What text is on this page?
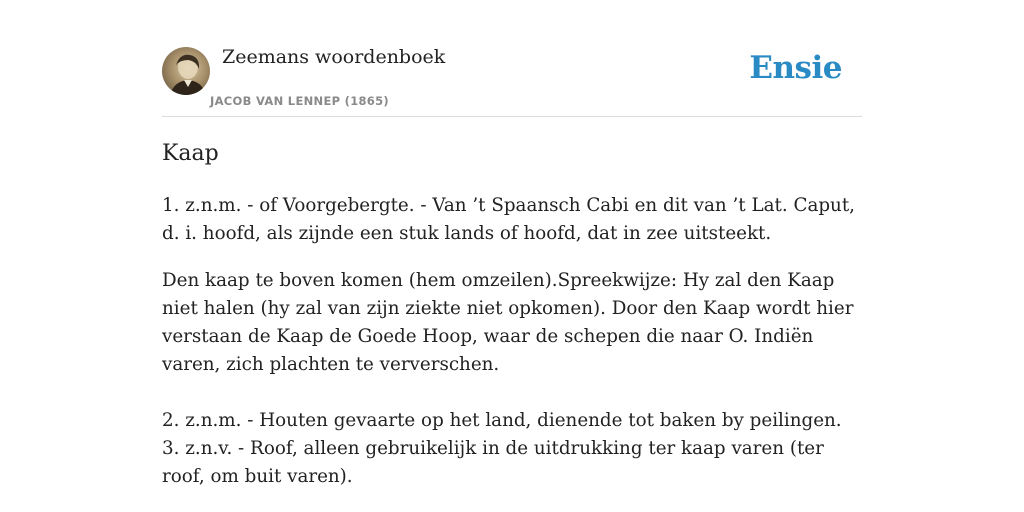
Zeemans woordenboek
JACOB VAN LENNEP (1865)
Ensie
Kaap

1. z.n.m. - of Voorgebergte. - Van ’t Spaansch Cabi en dit van ’t Lat. Caput, d. i. hoofd, als zijnde een stuk lands of hoofd, dat in zee uitsteekt.

Den kaap te boven komen (hem omzeilen).Spreekwijze: Hy zal den Kaap niet halen (hy zal van zijn ziekte niet opkomen). Door den Kaap wordt hier verstaan de Kaap de Goede Hoop, waar de schepen die naar O. Indiën varen, zich plachten te ververschen.

2. z.n.m. - Houten gevaarte op het land, dienende tot baken by peilingen.

3. z.n.v. - Roof, alleen gebruikelijk in de uitdrukking ter kaap varen (ter roof, om buit varen).
